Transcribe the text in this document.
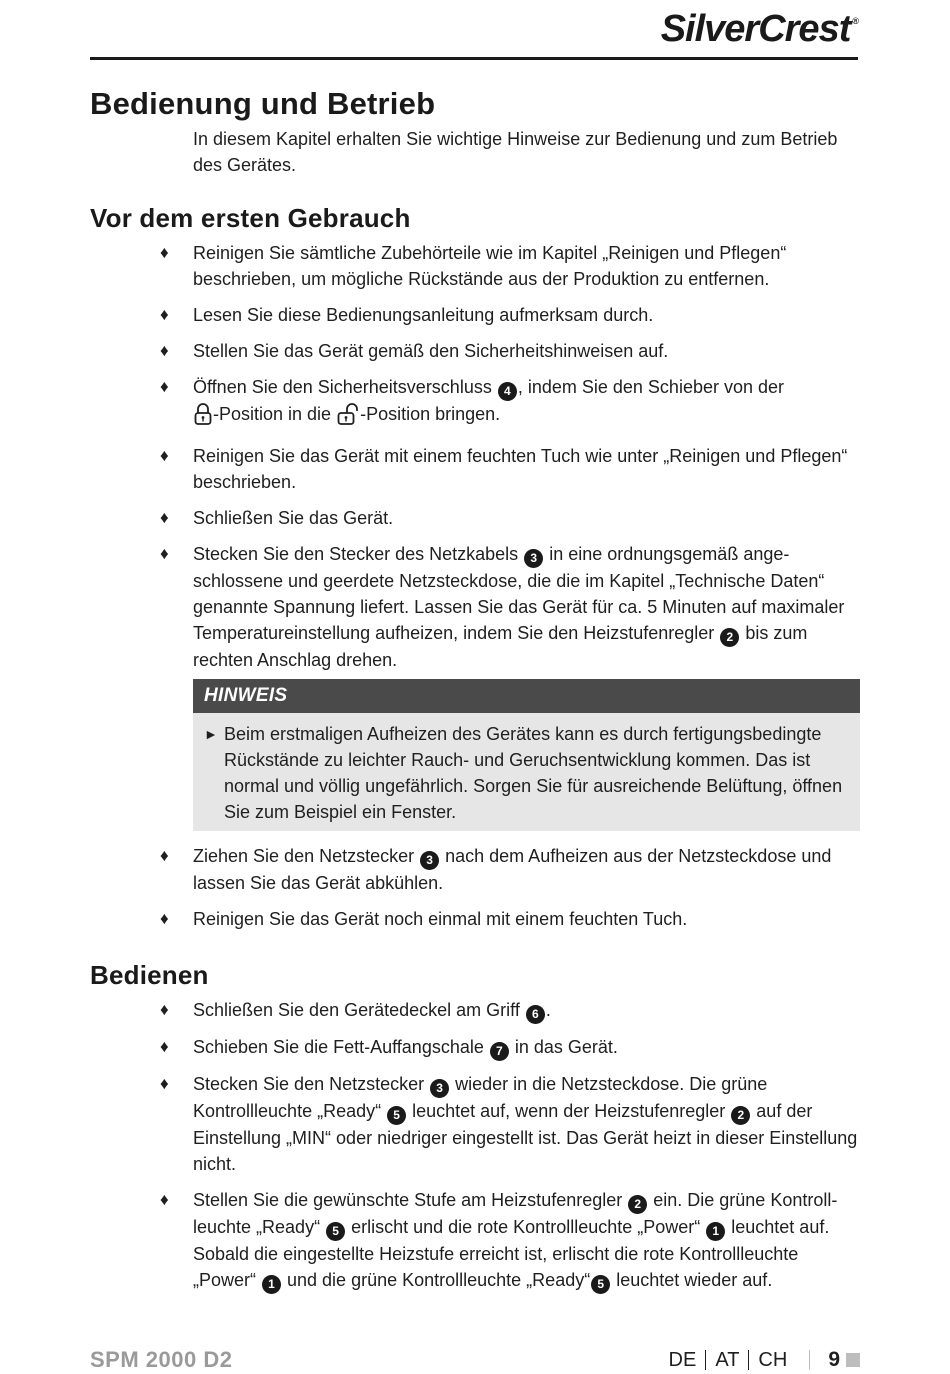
SilverCrest ®
Bedienung und Betrieb

In diesem Kapitel erhalten Sie wichtige Hinweise zur Bedienung und zum Betrieb des Gerätes.

Vor dem ersten Gebrauch
♦ Reinigen Sie sämtliche Zubehörteile wie im Kapitel „Reinigen und Pflegen“ beschrieben, um mögliche Rückstände aus der Produktion zu entfernen.
♦ Lesen Sie diese Bedienungsanleitung aufmerksam durch.
♦ Stellen Sie das Gerät gemäß den Sicherheitshinweisen auf.
♦ Öffnen Sie den Sicherheitsverschluss 4 , indem Sie den Schieber von der
-Position in die -Position bringen.
♦ Reinigen Sie das Gerät mit einem feuchten Tuch wie unter „Reinigen und Pflegen“ beschrieben.
♦ Schließen Sie das Gerät.
♦ Stecken Sie den Stecker des Netzkabels 3 in eine ordnungsgemäß angeschlossene und geerdete Netzsteckdose, die die im Kapitel „Technische Daten“ genannte Spannung liefert. Lassen Sie das Gerät für ca. 5 Minuten auf maximaler Temperatureinstellung aufheizen, indem Sie den Heizstufenregler 2 bis zum rechten Anschlag drehen.
HINWEIS
► Beim erstmaligen Aufheizen des Gerätes kann es durch fertigungsbedingte Rückstände zu leichter Rauch- und Geruchsentwicklung kommen. Das ist normal und völlig ungefährlich. Sorgen Sie für ausreichende Belüftung, öffnen Sie zum Beispiel ein Fenster.
♦ Ziehen Sie den Netzstecker 3 nach dem Aufheizen aus der Netzsteckdose und lassen Sie das Gerät abkühlen.
♦ Reinigen Sie das Gerät noch einmal mit einem feuchten Tuch.
Bedienen
♦ Schließen Sie den Gerätedeckel am Griff 6 .
♦ Schieben Sie die Fett-Auffangschale 7 in das Gerät.
♦ Stecken Sie den Netzstecker 3 wieder in die Netzsteckdose. Die grüne Kontrollleuchte „Ready“ 5 leuchtet auf, wenn der Heizstufenregler 2 auf der Einstellung „MIN“ oder niedriger eingestellt ist. Das Gerät heizt in dieser Einstellung nicht.
♦ Stellen Sie die gewünschte Stufe am Heizstufenregler 2 ein. Die grüne Kontrollleuchte „Ready“ 5 erlischt und die rote Kontrollleuchte „Power“ 1 leuchtet auf. Sobald die eingestellte Heizstufe erreicht ist, erlischt die rote Kontrollleuchte „Power“ 1 und die grüne Kontrollleuchte „Ready“ 5 leuchtet wieder auf.
SPM 2000 D2	DE AT CH 9
